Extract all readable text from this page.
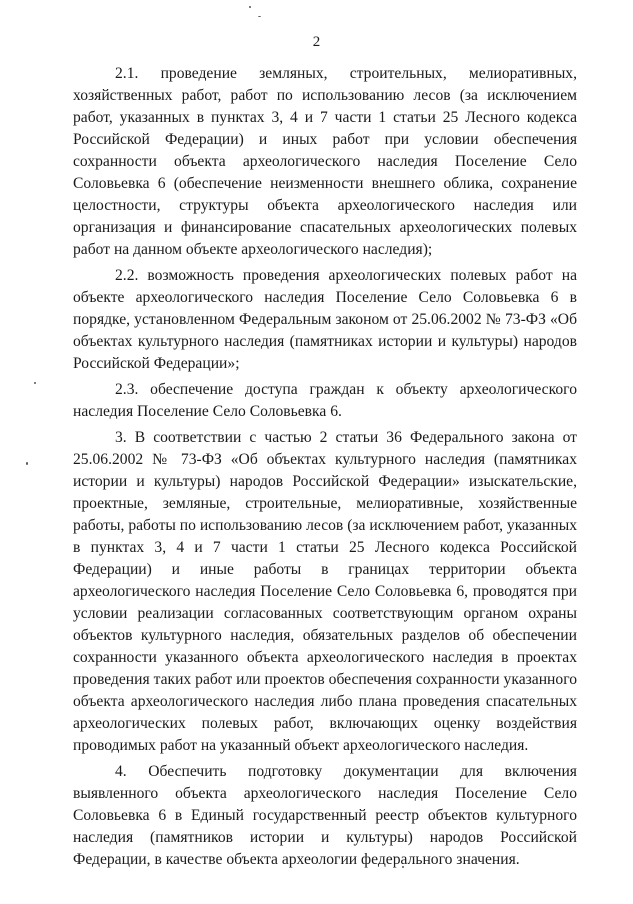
2

2.1. проведение земляных, строительных, мелиоративных, хозяйственных работ, работ по использованию лесов (за исключением работ, указанных в пунктах 3, 4 и 7 части 1 статьи 25 Лесного кодекса Российской Федерации) и иных работ при условии обеспечения сохранности объекта археологического наследия Поселение Село Соловьевка 6 (обеспечение неизменности внешнего облика, сохранение целостности, структуры объекта археологического наследия или организация и финансирование спасательных археологических полевых работ на данном объекте археологического наследия);

2.2. возможность проведения археологических полевых работ на объекте археологического наследия Поселение Село Соловьевка 6 в порядке, установленном Федеральным законом от 25.06.2002 № 73-ФЗ «Об объектах культурного наследия (памятниках истории и культуры) народов Российской Федерации»;

2.3. обеспечение доступа граждан к объекту археологического наследия Поселение Село Соловьевка 6.

3. В соответствии с частью 2 статьи 36 Федерального закона от 25.06.2002 № 73-ФЗ «Об объектах культурного наследия (памятниках истории и культуры) народов Российской Федерации» изыскательские, проектные, земляные, строительные, мелиоративные, хозяйственные работы, работы по использованию лесов (за исключением работ, указанных в пунктах 3, 4 и 7 части 1 статьи 25 Лесного кодекса Российской Федерации) и иные работы в границах территории объекта археологического наследия Поселение Село Соловьевка 6, проводятся при условии реализации согласованных соответствующим органом охраны объектов культурного наследия, обязательных разделов об обеспечении сохранности указанного объекта археологического наследия в проектах проведения таких работ или проектов обеспечения сохранности указанного объекта археологического наследия либо плана проведения спасательных археологических полевых работ, включающих оценку воздействия проводимых работ на указанный объект археологического наследия.

4. Обеспечить подготовку документации для включения выявленного объекта археологического наследия Поселение Село Соловьевка 6 в Единый государственный реестр объектов культурного наследия (памятников истории и культуры) народов Российской Федерации, в качестве объекта археологии федерального значения.
